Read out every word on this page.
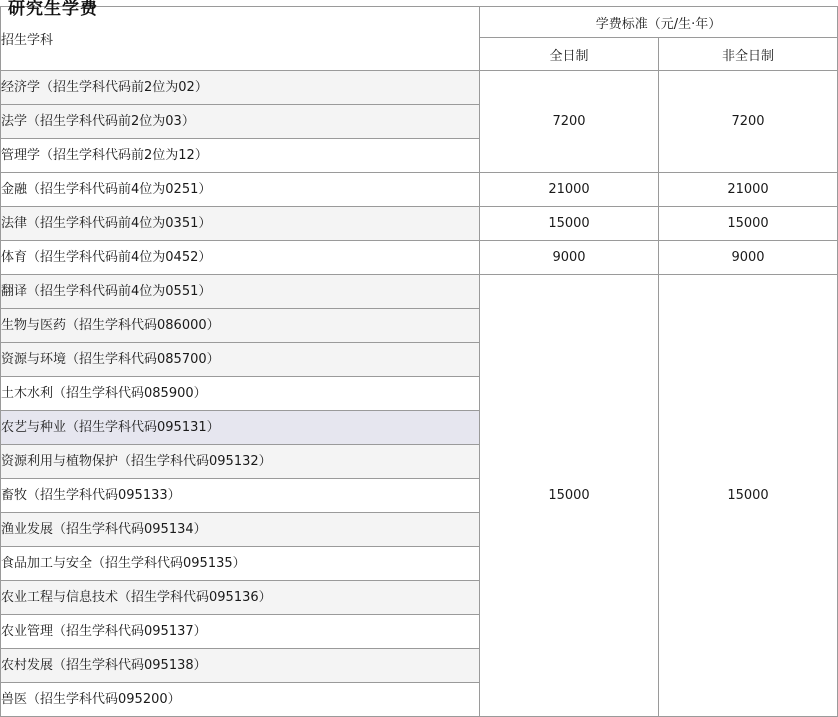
研究生学费
招生学科	学费标准（元/生·年）	
	全日制	非全日制
经济学（招生学科代码前2位为02）	7200	7200
法学（招生学科代码前2位为03）		
管理学（招生学科代码前2位为12）		
金融（招生学科代码前4位为0251）	21000	21000
法律（招生学科代码前4位为0351）	15000	15000
体育（招生学科代码前4位为0452）	9000	9000
翻译（招生学科代码前4位为0551）	15000	15000
生物与医药（招生学科代码086000）		
资源与环境（招生学科代码085700）		
土木水利（招生学科代码085900）		
农艺与种业（招生学科代码095131）		
资源利用与植物保护（招生学科代码095132）		
畜牧（招生学科代码095133）		
渔业发展（招生学科代码095134）		
食品加工与安全（招生学科代码095135）		
农业工程与信息技术（招生学科代码095136）		
农业管理（招生学科代码095137）		
农村发展（招生学科代码095138）		
兽医（招生学科代码095200）		
